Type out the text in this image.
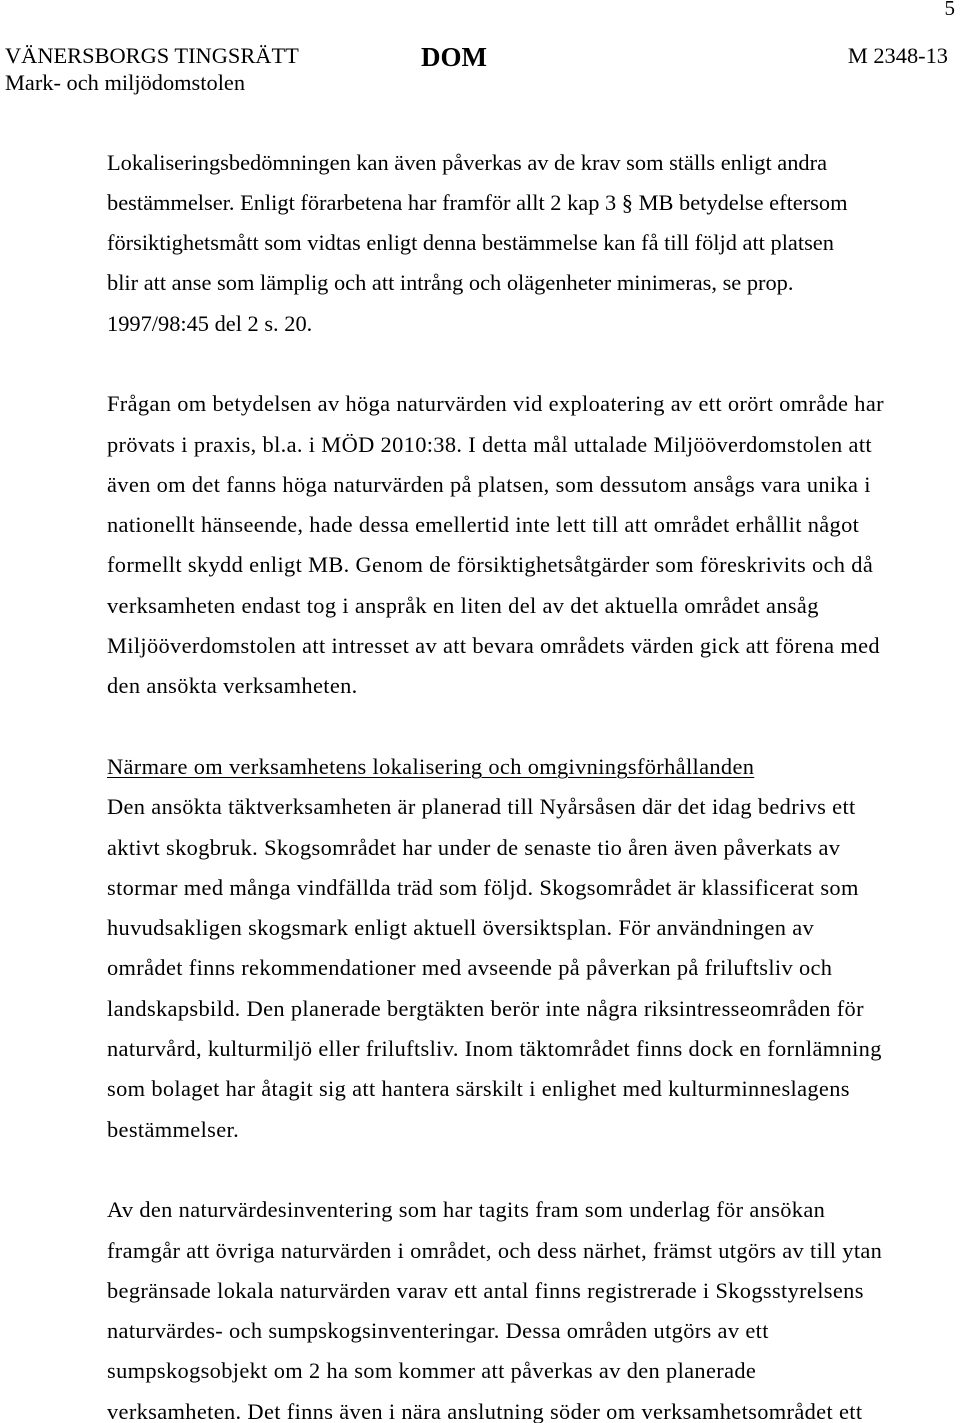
5
VÄNERSBORGS TINGSRÄTT
Mark- och miljödomstolen
DOM	M 2348-13
Lokaliseringsbedömningen kan även påverkas av de krav som ställs enligt andra
bestämmelser. Enligt förarbetena har framför allt 2 kap 3 § MB betydelse eftersom
försiktighetsmått som vidtas enligt denna bestämmelse kan få till följd att platsen
blir att anse som lämplig och att intrång och olägenheter minimeras, se prop.
1997/98:45 del 2 s. 20.
Frågan om betydelsen av höga naturvärden vid exploatering av ett orört område har
prövats i praxis, bl.a. i MÖD 2010:38. I detta mål uttalade Miljööverdomstolen att
även om det fanns höga naturvärden på platsen, som dessutom ansågs vara unika i
nationellt hänseende, hade dessa emellertid inte lett till att området erhållit något
formellt skydd enligt MB. Genom de försiktighetsåtgärder som föreskrivits och då
verksamheten endast tog i anspråk en liten del av det aktuella området ansåg
Miljööverdomstolen att intresset av att bevara områdets värden gick att förena med
den ansökta verksamheten.
Närmare om verksamhetens lokalisering och omgivningsförhållanden
Den ansökta täktverksamheten är planerad till Nyårsåsen där det idag bedrivs ett
aktivt skogbruk. Skogsområdet har under de senaste tio åren även påverkats av
stormar med många vindfällda träd som följd. Skogsområdet är klassificerat som
huvudsakligen skogsmark enligt aktuell översiktsplan. För användningen av
området finns rekommendationer med avseende på påverkan på friluftsliv och
landskapsbild. Den planerade bergtäkten berör inte några riksintresseområden för
naturvård, kulturmiljö eller friluftsliv. Inom täktområdet finns dock en fornlämning
som bolaget har åtagit sig att hantera särskilt i enlighet med kulturminneslagens
bestämmelser.
Av den naturvärdesinventering som har tagits fram som underlag för ansökan
framgår att övriga naturvärden i området, och dess närhet, främst utgörs av till ytan
begränsade lokala naturvärden varav ett antal finns registrerade i Skogsstyrelsens
naturvärdes- och sumpskogsinventeringar. Dessa områden utgörs av ett
sumpskogsobjekt om 2 ha som kommer att påverkas av den planerade
verksamheten. Det finns även i nära anslutning söder om verksamhetsområdet ett
